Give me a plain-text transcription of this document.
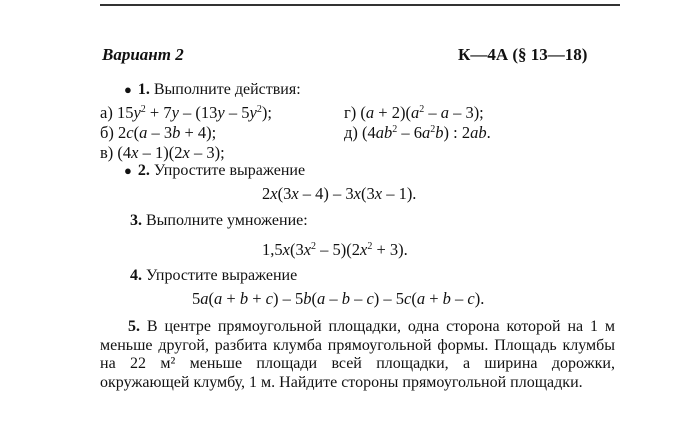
Вариант 2	К—4А (§ 13—18)
● 1. Выполните действия:
а) $15y^2 + 7y - (13y - 5y^2)$;
б) 2c(a – 3b + 4);
в) (4x – 1)(2x – 3);
г) $(a + 2)(a^2 - a - 3)$;
д) $(4ab^2 - 6a^2b)$ : 2ab.
● 2. Упростите выражение
2x(3x – 4) – 3x(3x – 1).
3. Выполните умножение:
$1,5x(3x^2 - 5)(2x^2 + 3)$.
4. Упростите выражение
5a(a + b + c) – 5b(a – b – c) – 5c(a + b – c).
5. В центре прямоугольной площадки, одна сторона которой на 1 м меньше другой, разбита клумба прямоугольной формы. Площадь клумбы на 22 м² меньше площади всей площадки, а ширина дорожки, окружающей клумбу, 1 м. Найдите стороны прямоугольной площадки.
